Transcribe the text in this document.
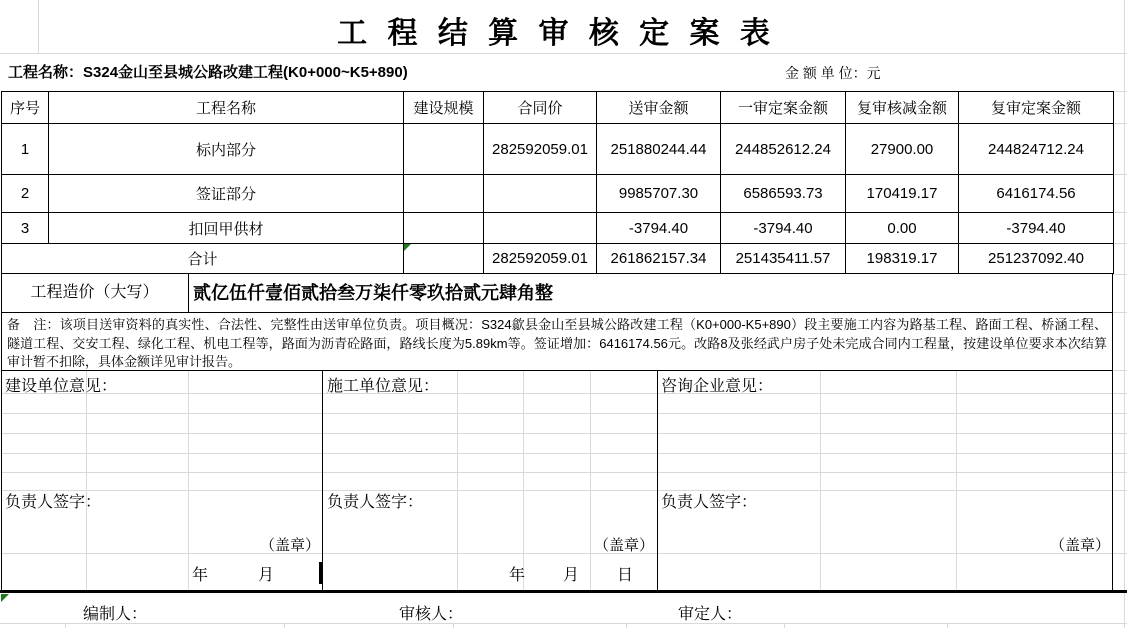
工 程 结 算 审 核 定 案 表
工程名称：S324金山至县城公路改建工程(K0+000~K5+890)	金 额 单 位：元
序号	工程名称	建设规模	合同价	送审金额	一审定案金额	复审核减金额	复审定案金额
1	标内部分		282592059.01	251880244.44	244852612.24	27900.00	244824712.24
2	签证部分			9985707.30	6586593.73	170419.17	6416174.56
3	扣回甲供材			-3794.40	-3794.40	0.00	-3794.40
合计			282592059.01	261862157.34	251435411.57	198319.17	251237092.40
工程造价（大写）	贰亿伍仟壹佰贰拾叁万柒仟零玖拾贰元肆角整
备　注：该项目送审资料的真实性、合法性、完整性由送审单位负责。项目概况：S324歙县金山至县城公路改建工程（K0+000-K5+890）段主要施工内容为路基工程、路面工程、桥涵工程、隧道工程、交安工程、绿化工程、机电工程等，路面为沥青砼路面，路线长度为5.89km等。签证增加：6416174.56元。改路8及张经武户房子处未完成合同内工程量，按建设单位要求本次结算审计暂不扣除，具体金额详见审计报告。
建设单位意见：	施工单位意见：	咨询企业意见：
负责人签字：	负责人签字：	负责人签字：
（盖章）	（盖章）	（盖章）
年　　月	年　　月　　日
编制人：	审核人：	审定人：
